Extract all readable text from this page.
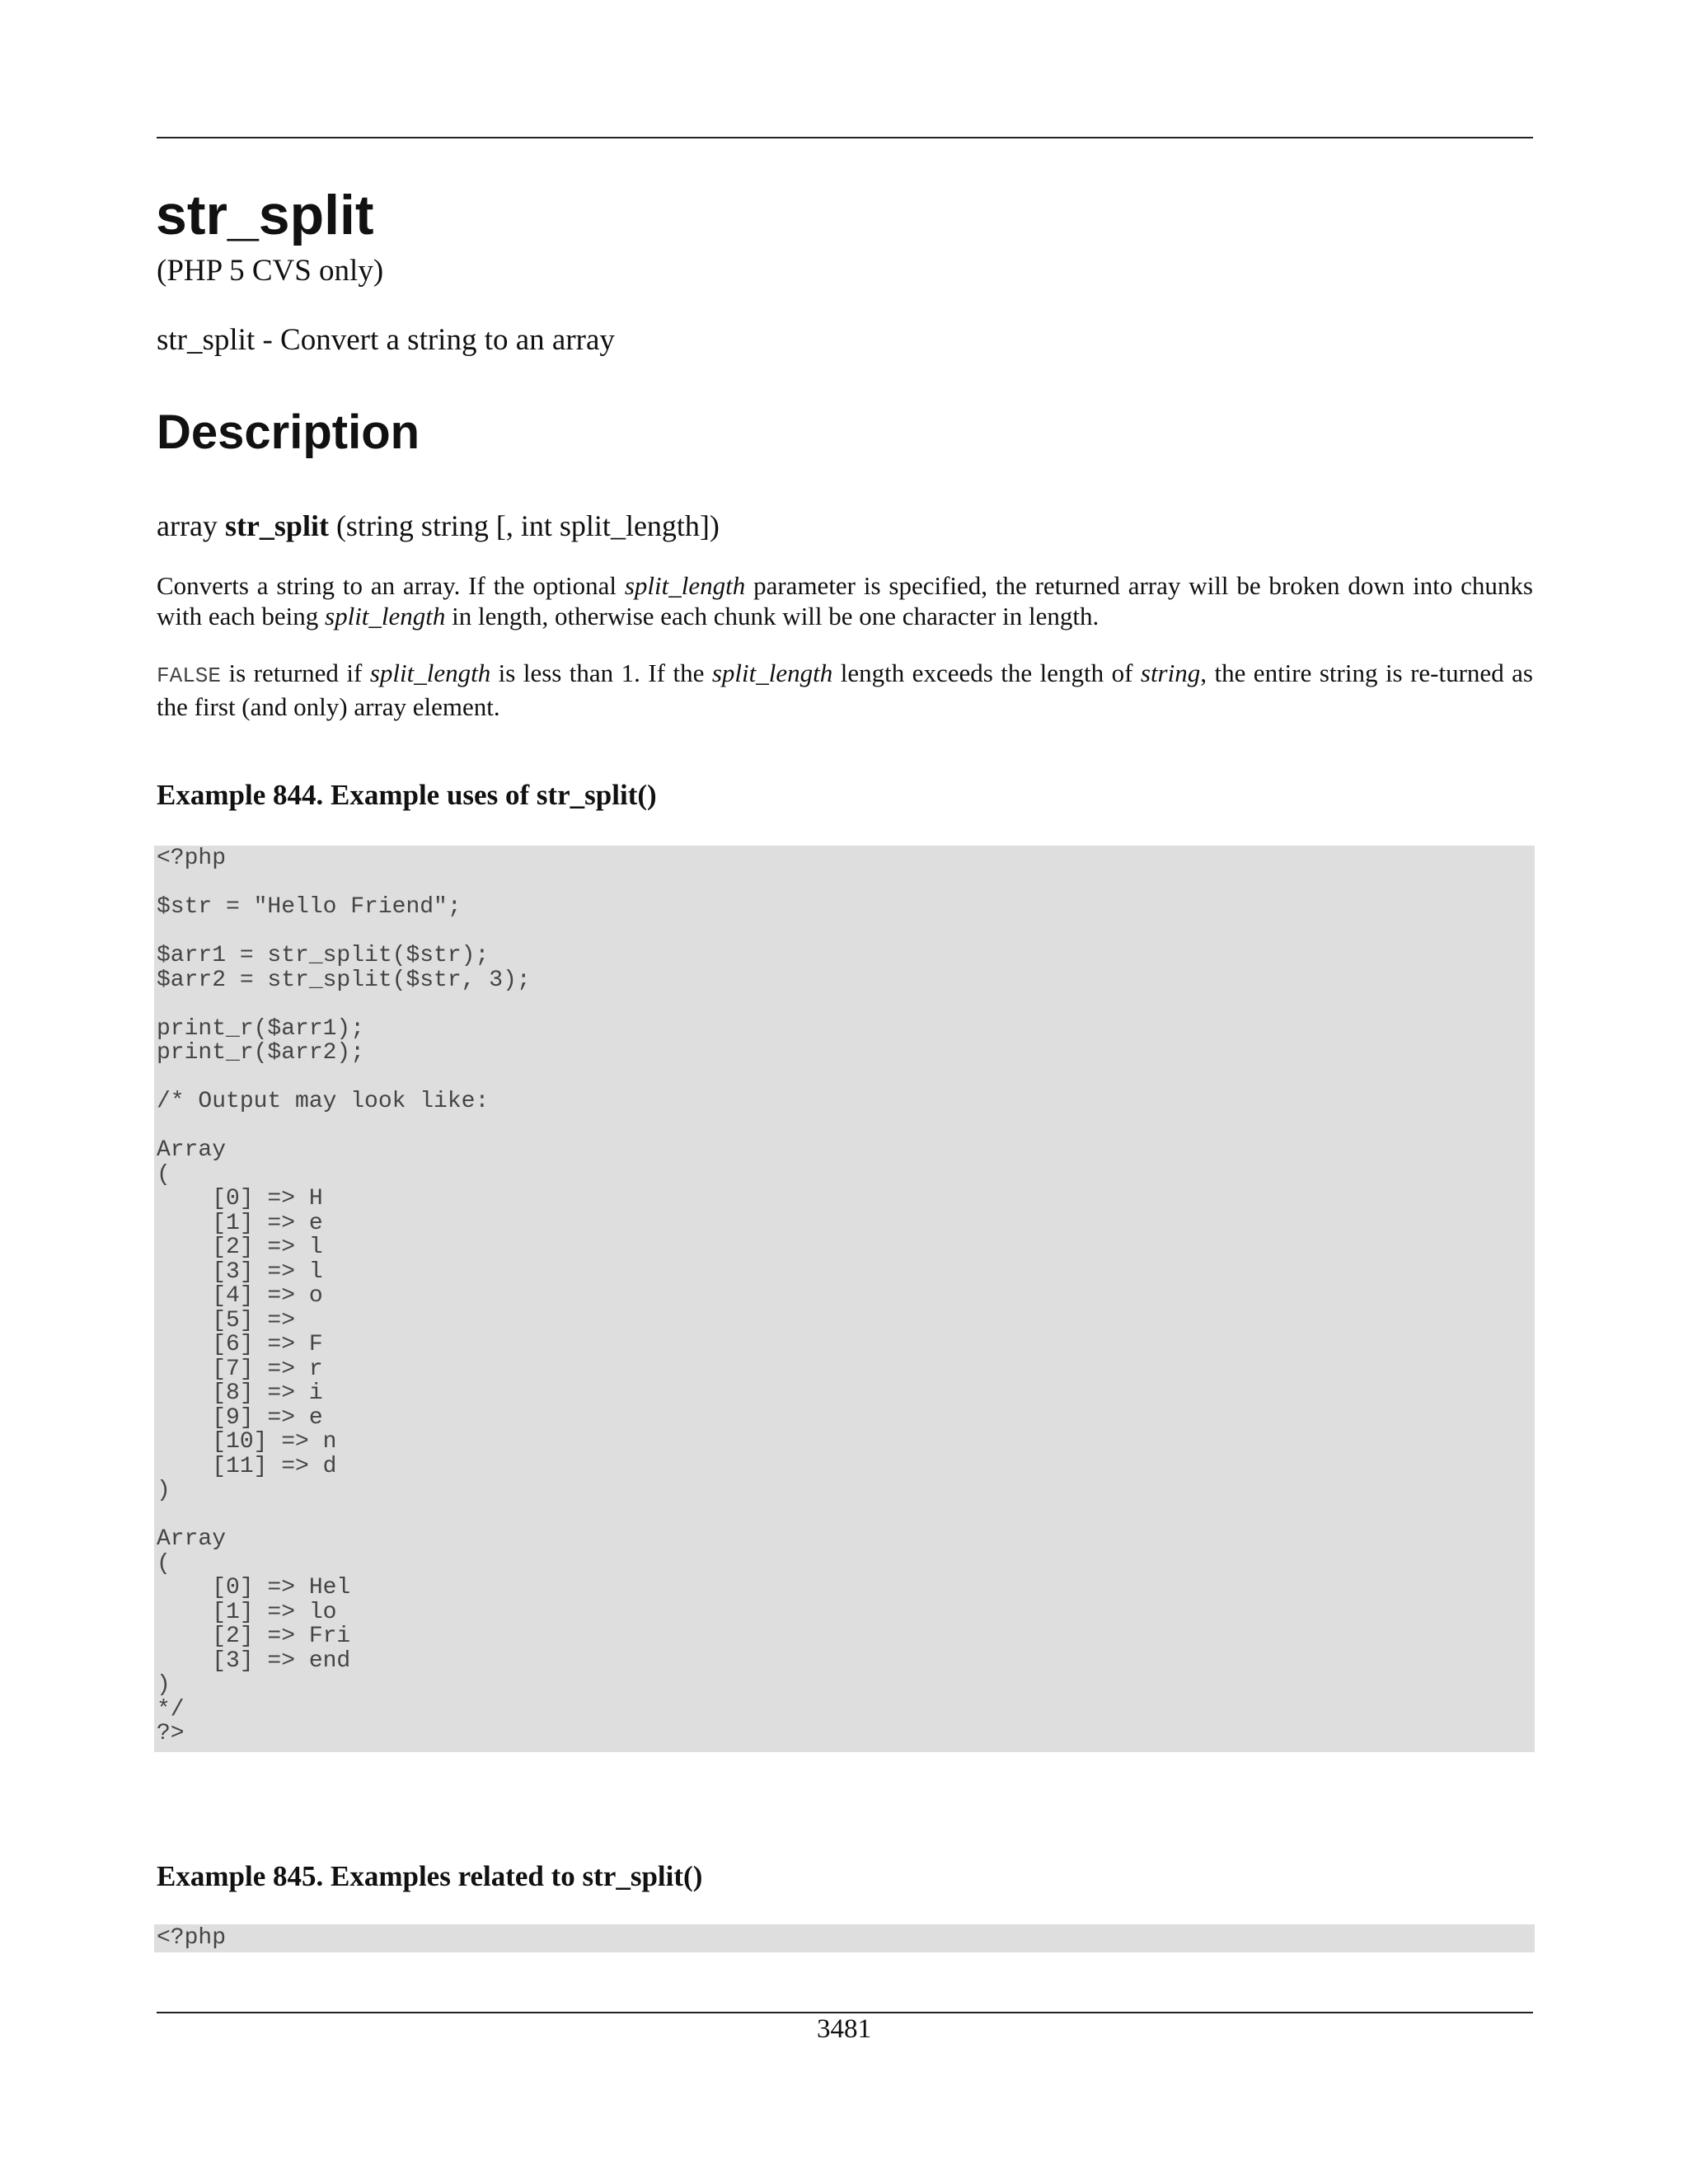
str_split
(PHP 5 CVS only)
str_split - Convert a string to an array
Description
array str_split (string string [, int split_length])

Converts a string to an array. If the optional split_length parameter is specified, the returned array will be broken down into chunks with each being split_length in length, otherwise each chunk will be one character in length.

FALSE is returned if split_length is less than 1. If the split_length length exceeds the length of string, the entire string is re-turned as the first (and only) array element.

Example 844. Example uses of str_split()
<?php

$str = "Hello Friend";

$arr1 = str_split($str);
$arr2 = str_split($str, 3);

print_r($arr1);
print_r($arr2);

/* Output may look like:

Array
(
[0] => H
[1] => e
[2] => l
[3] => l
[4] => o
[5] =>
[6] => F
[7] => r
[8] => i
[9] => e
[10] => n
[11] => d
)

Array
(
[0] => Hel
[1] => lo
[2] => Fri
[3] => end
)
*/
?>
Example 845. Examples related to str_split()
<?php
3481
